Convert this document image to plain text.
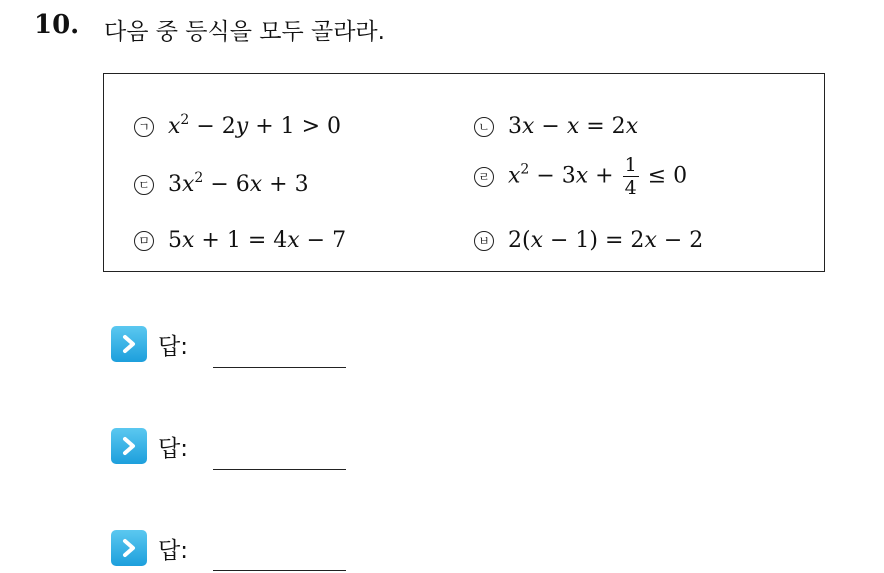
10. 다음 중 등식을 모두 골라라.
ㄱ $x^2 - 2y + 1 > 0$	ㄴ 3x − x = 2x
ㄷ $3x^2 - 6x + 3$	ㄹ $x^2 - 3x + \frac{1}{4} \le 0$
ㅁ 5x + 1 = 4x − 7	ㅂ 2(x − 1) = 2x − 2
답:
답:
답:
